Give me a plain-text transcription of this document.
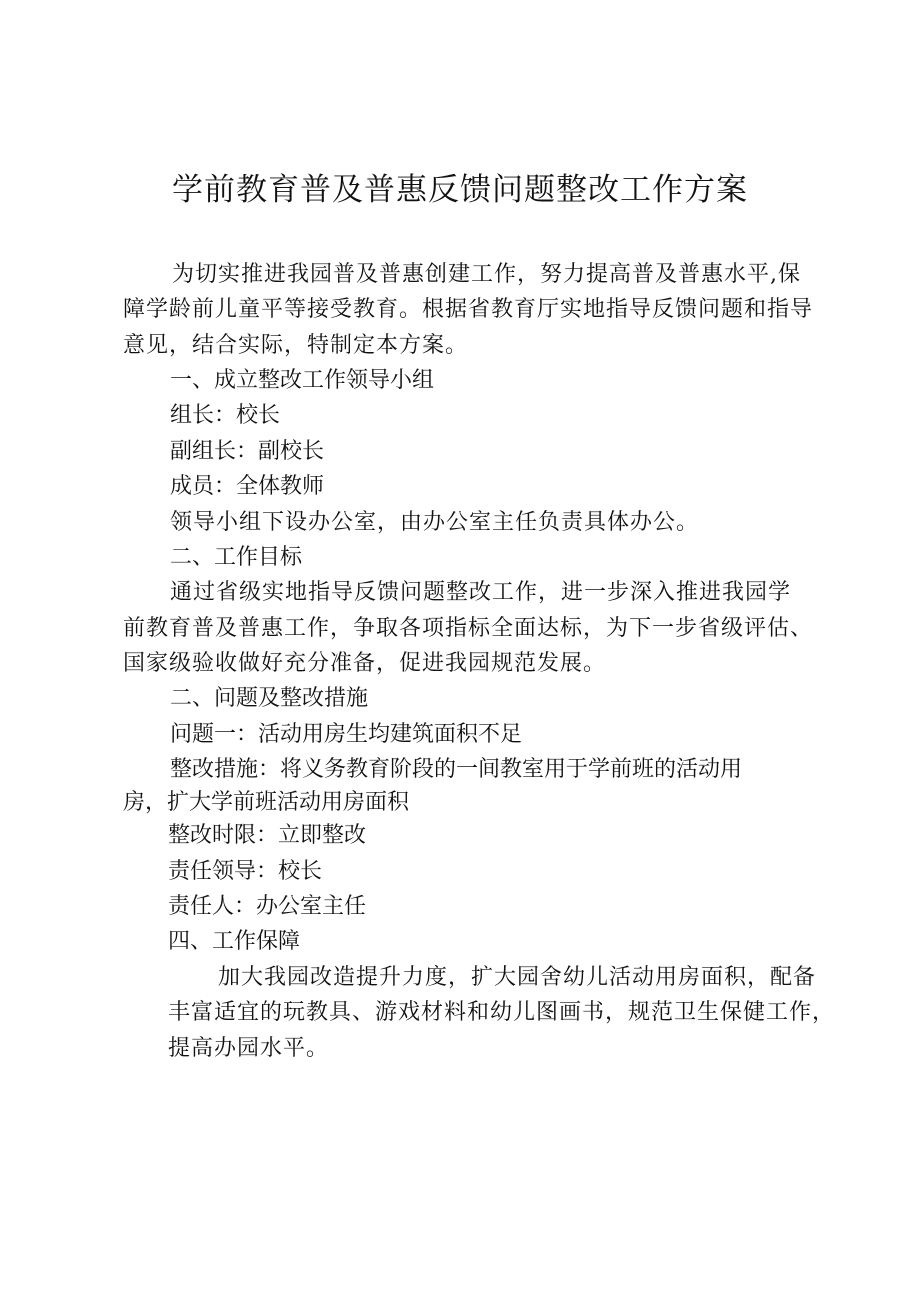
学前教育普及普惠反馈问题整改工作方案
为切实推进我园普及普惠创建工作，努力提高普及普惠水平,保
障学龄前儿童平等接受教育。根据省教育厅实地指导反馈问题和指导
意见，结合实际，特制定本方案。
一、成立整改工作领导小组
组长：校长
副组长：副校长
成员：全体教师
领导小组下设办公室，由办公室主任负责具体办公。
二、工作目标
通过省级实地指导反馈问题整改工作，进一步深入推进我园学
前教育普及普惠工作，争取各项指标全面达标，为下一步省级评估、
国家级验收做好充分准备，促进我园规范发展。
二、问题及整改措施
问题一：活动用房生均建筑面积不足
整改措施：将义务教育阶段的一间教室用于学前班的活动用
房，扩大学前班活动用房面积
整改时限：立即整改
责任领导：校长
责任人：办公室主任
四、工作保障
加大我园改造提升力度，扩大园舍幼儿活动用房面积，配备
丰富适宜的玩教具、游戏材料和幼儿图画书，规范卫生保健工作，
提高办园水平。
